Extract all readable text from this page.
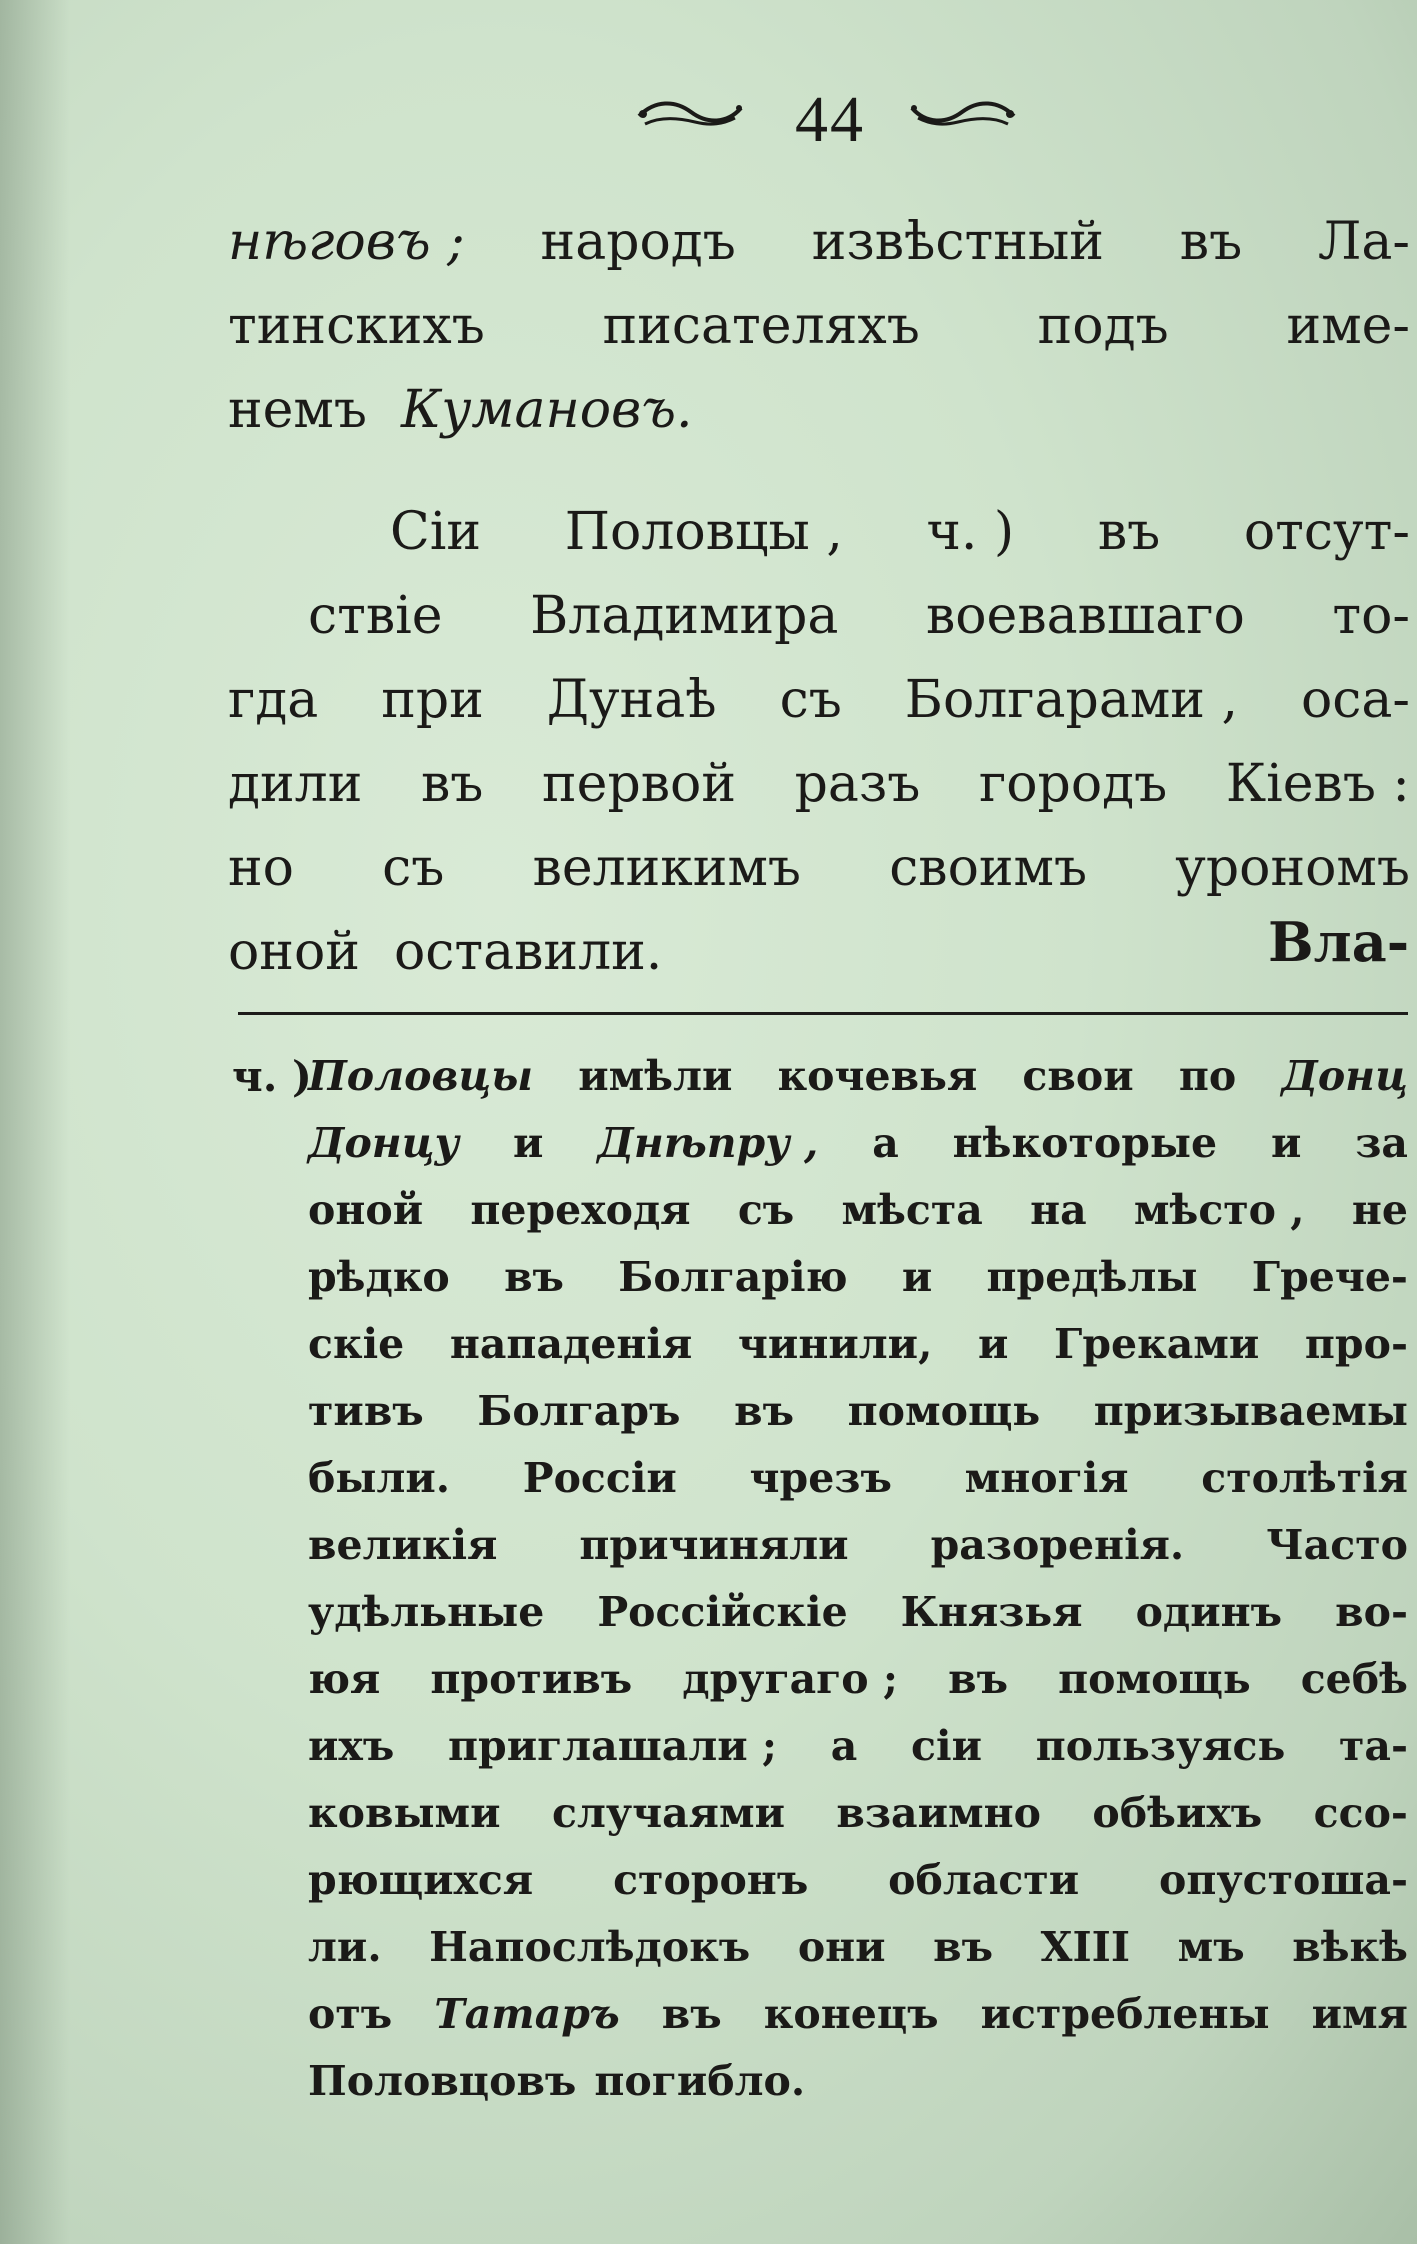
44
нѣговъ ; народъ извѣстный въ Ла-
тинскихъ писателяхъ подъ име-
немъ Кумановъ.
Сiи Половцы , ч. ) въ отсут-
ствiе Владимира воевавшаго то-
гда при Дунаѣ съ Болгарами , оса-
дили въ первой разъ городъ Кiевъ :
но съ великимъ своимъ урономъ
оной оставили.	Вла-
ч. )
Половцы имѣли кочевья свои по Донц
Донцу и Днѣпру , а нѣкоторые и за
оной переходя съ мѣста на мѣсто , не
рѣдко въ Болгарiю и предѣлы Грече-
скiе нападенiя чинили, и Греками про-
тивъ Болгаръ въ помощь призываемы
были. Россiи чрезъ многiя столѣтiя
великiя причиняли разоренiя. Часто
удѣльные Россiйскiе Князья одинъ во-
юя противъ другаго ; въ помощь себѣ
ихъ приглашали ; а сiи пользуясь та-
ковыми случаями взаимно обѣихъ ссо-
рющихся сторонъ области опустоша-
ли. Напослѣдокъ они въ XIII мъ вѣкѣ
отъ Татаръ въ конецъ истреблены имя
Половцовъ погибло.
